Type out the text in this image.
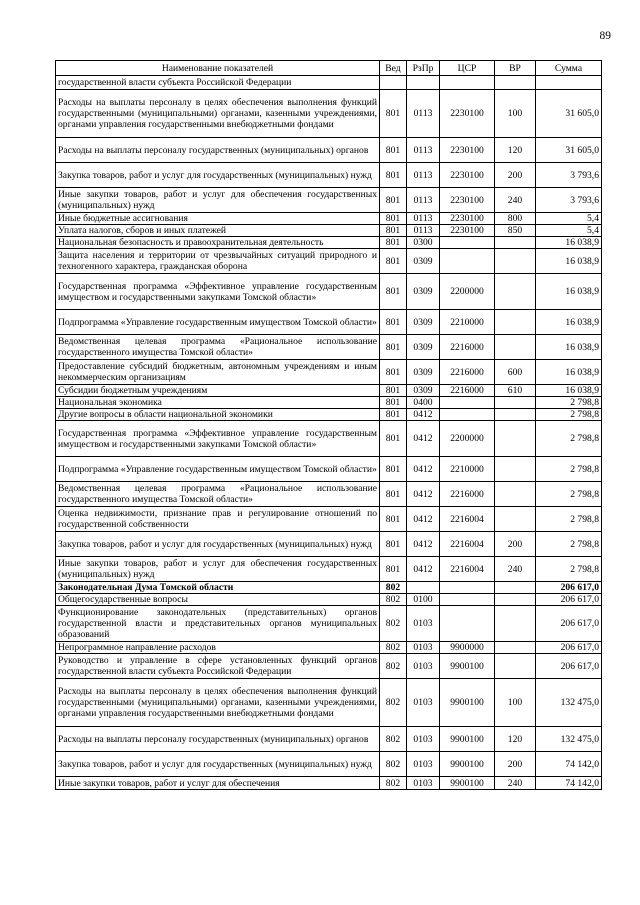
89
Наименование показателей	Вед	РзПр	ЦСР	ВР	Сумма
государственной власти субъекта Российской Федерации					
Расходы на выплаты персоналу в целях обеспечения выполнения функций государственными (муниципальными) органами, казенными учреждениями, органами управления государственными внебюджетными фондами	801	0113	2230100	100	31 605,0
Расходы на выплаты персоналу государственных (муниципальных) органов	801	0113	2230100	120	31 605,0
Закупка товаров, работ и услуг для государственных (муниципальных) нужд	801	0113	2230100	200	3 793,6
Иные закупки товаров, работ и услуг для обеспечения государственных (муниципальных) нужд	801	0113	2230100	240	3 793,6
Иные бюджетные ассигнования	801	0113	2230100	800	5,4
Уплата налогов, сборов и иных платежей	801	0113	2230100	850	5,4
Национальная безопасность и правоохранительная деятельность	801	0300			16 038,9
Защита населения и территории от чрезвычайных ситуаций природного и техногенного характера, гражданская оборона	801	0309			16 038,9
Государственная программа «Эффективное управление государственным имуществом и государственными закупками Томской области»	801	0309	2200000		16 038,9
Подпрограмма «Управление государственным имуществом Томской области»	801	0309	2210000		16 038,9
Ведомственная целевая программа «Рациональное использование государственного имущества Томской области»	801	0309	2216000		16 038,9
Предоставление субсидий бюджетным, автономным учреждениям и иным некоммерческим организациям	801	0309	2216000	600	16 038,9
Субсидии бюджетным учреждениям	801	0309	2216000	610	16 038,9
Национальная экономика	801	0400			2 798,8
Другие вопросы в области национальной экономики	801	0412			2 798,8
Государственная программа «Эффективное управление государственным имуществом и государственными закупками Томской области»	801	0412	2200000		2 798,8
Подпрограмма «Управление государственным имуществом Томской области»	801	0412	2210000		2 798,8
Ведомственная целевая программа «Рациональное использование государственного имущества Томской области»	801	0412	2216000		2 798,8
Оценка недвижимости, признание прав и регулирование отношений по государственной собственности	801	0412	2216004		2 798,8
Закупка товаров, работ и услуг для государственных (муниципальных) нужд	801	0412	2216004	200	2 798,8
Иные закупки товаров, работ и услуг для обеспечения государственных (муниципальных) нужд	801	0412	2216004	240	2 798,8
Законодательная Дума Томской области	802				206 617,0
Общегосударственные вопросы	802	0100			206 617,0
Функционирование законодательных (представительных) органов государственной власти и представительных органов муниципальных образований	802	0103			206 617,0
Непрограммное направление расходов	802	0103	9900000		206 617,0
Руководство и управление в сфере установленных функций органов государственной власти субъекта Российской Федерации	802	0103	9900100		206 617,0
Расходы на выплаты персоналу в целях обеспечения выполнения функций государственными (муниципальными) органами, казенными учреждениями, органами управления государственными внебюджетными фондами	802	0103	9900100	100	132 475,0
Расходы на выплаты персоналу государственных (муниципальных) органов	802	0103	9900100	120	132 475,0
Закупка товаров, работ и услуг для государственных (муниципальных) нужд	802	0103	9900100	200	74 142,0
Иные закупки товаров, работ и услуг для обеспечения	802	0103	9900100	240	74 142,0
